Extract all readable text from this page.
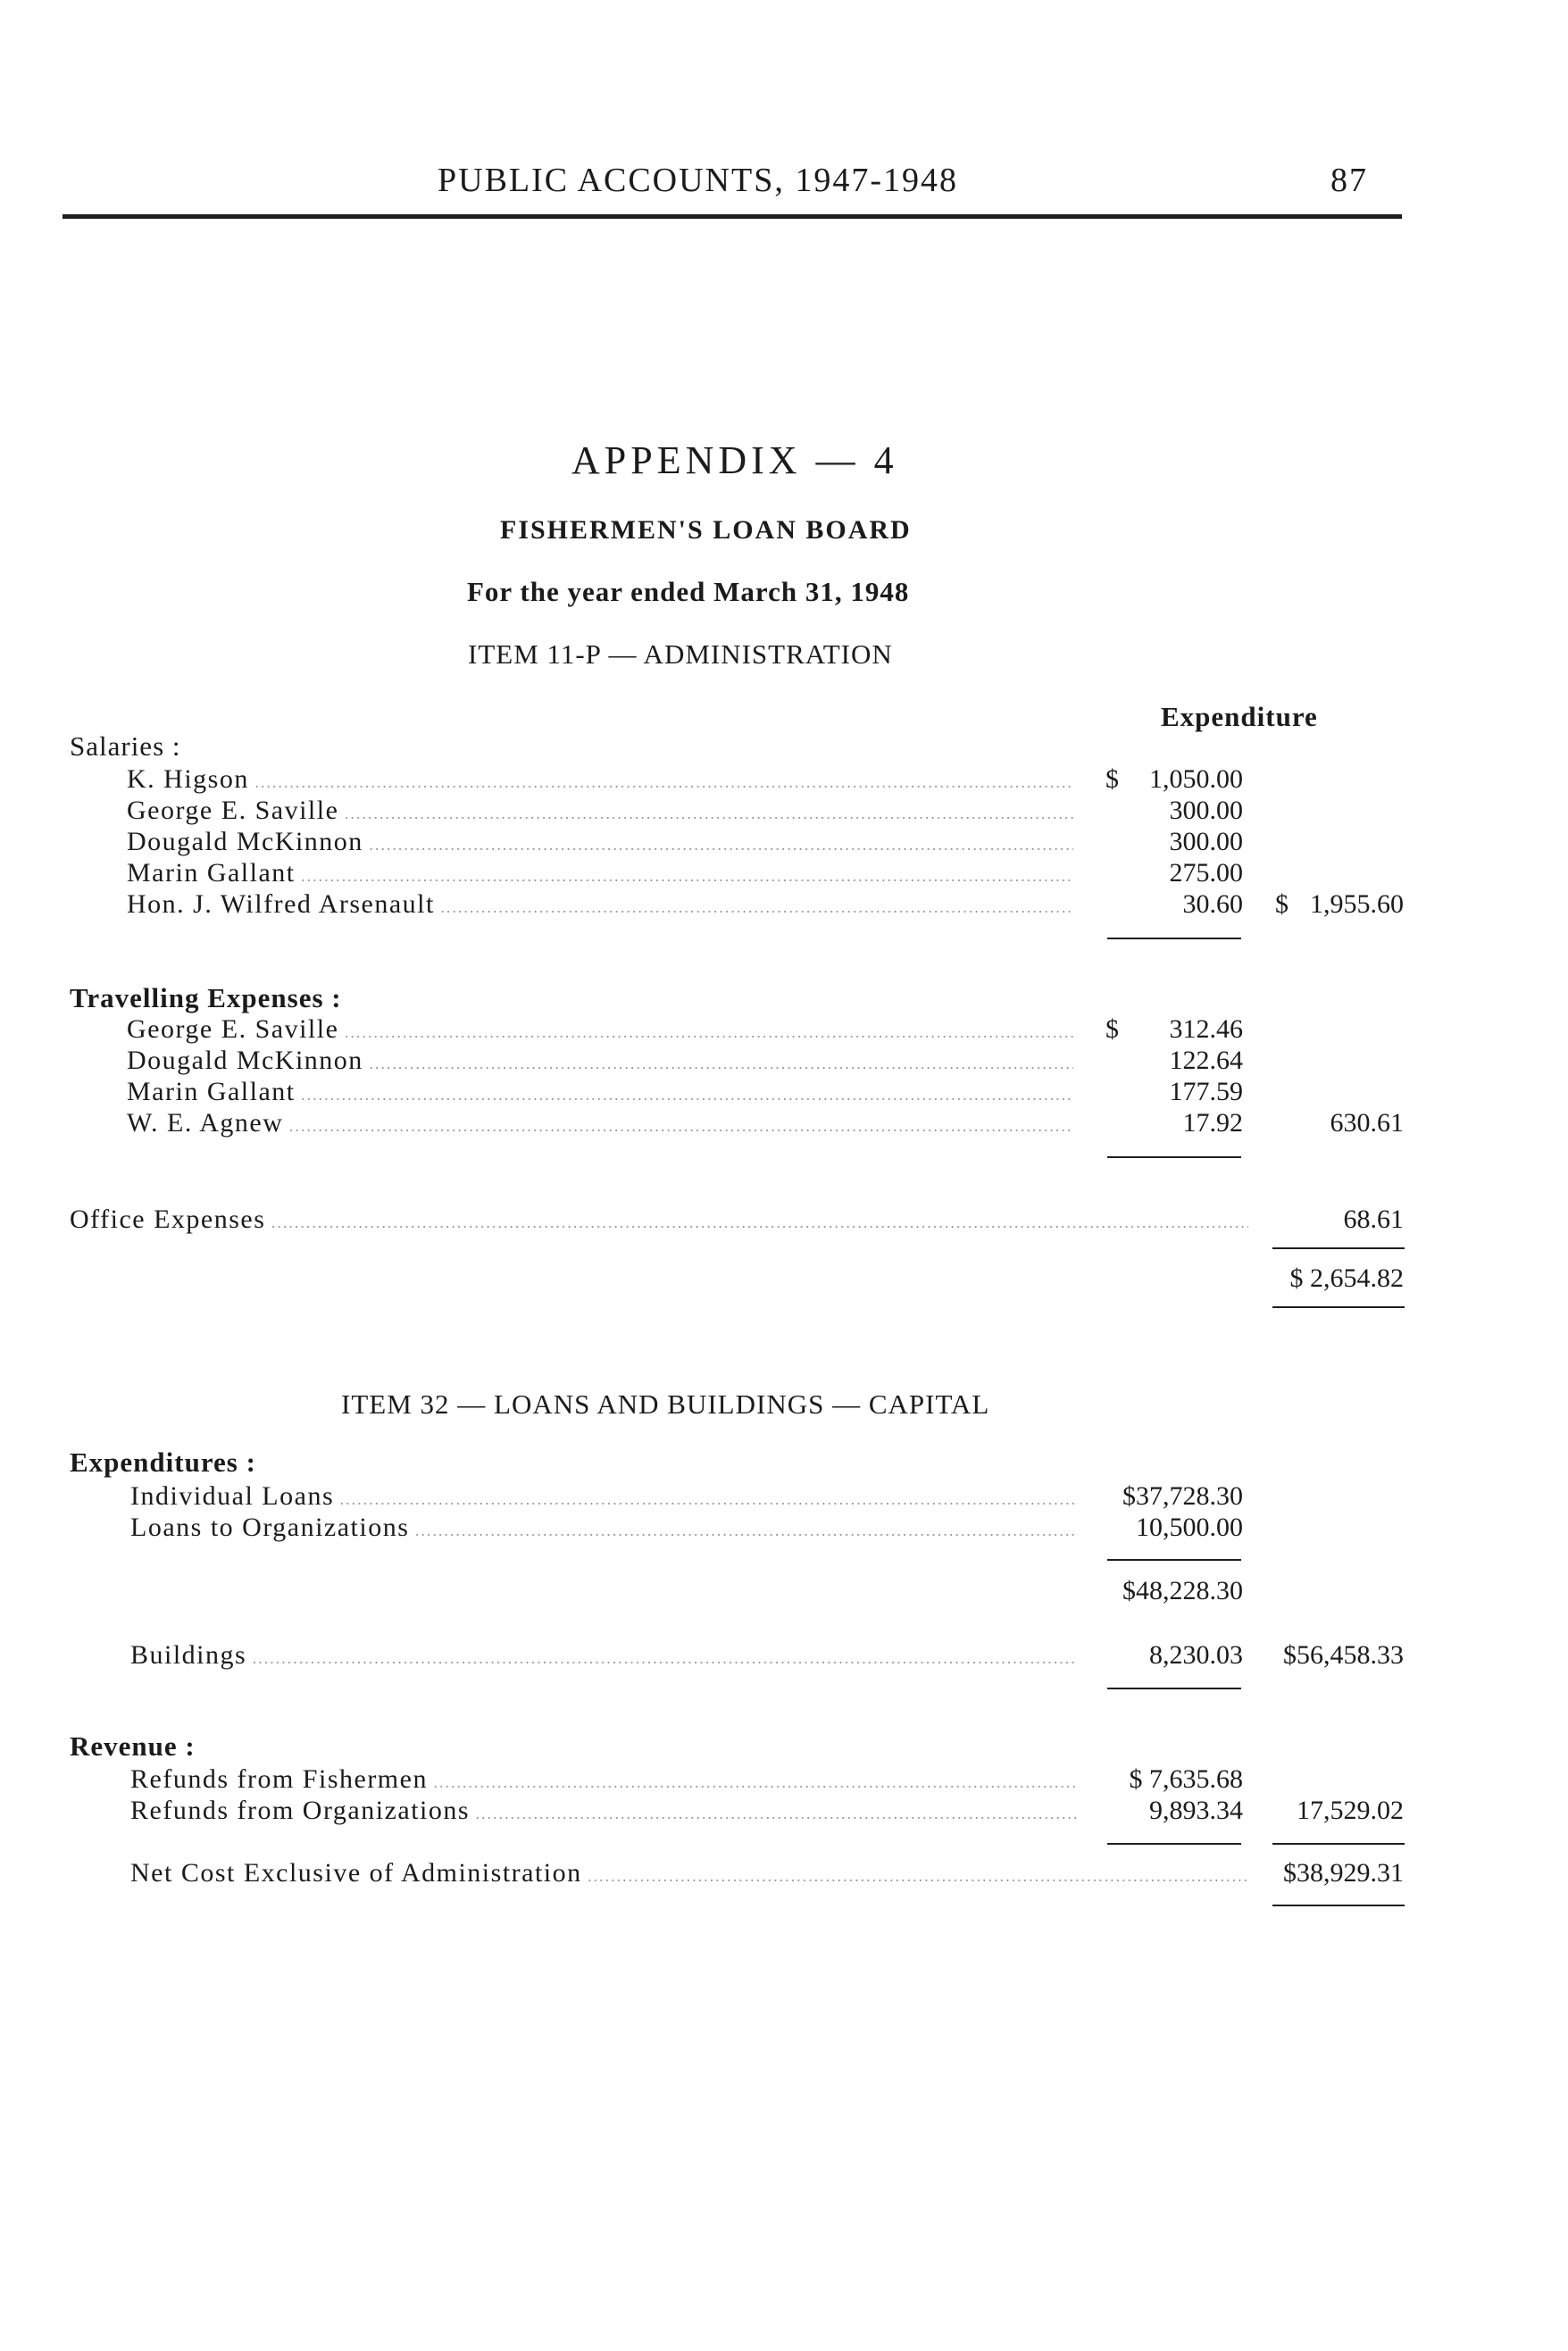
PUBLIC ACCOUNTS, 1947-1948	87
APPENDIX — 4
FISHERMEN'S LOAN BOARD
For the year ended March 31, 1948
ITEM 11-P — ADMINISTRATION
Expenditure
Salaries :
K. Higson .....	$	1,050.00
George E. Saville .....	300.00
Dougald McKinnon .....	300.00
Marin Gallant .....	275.00
Hon. J. Wilfred Arsenault .....	30.60 $ 1,955.60
Travelling Expenses :
George E. Saville .....	$	312.46
Dougald McKinnon .....	122.64
Marin Gallant .....	177.59
W. E. Agnew .....	17.92	630.61
Office Expenses .....	68.61
$ 2,654.82
ITEM 32 — LOANS AND BUILDINGS — CAPITAL
Expenditures :
Individual Loans .....	$37,728.30
Loans to Organizations .....	10,500.00
$48,228.30
Buildings .....	8,230.03	$56,458.33
Revenue :
Refunds from Fishermen .....	$ 7,635.68
Refunds from Organizations .....	9,893.34	17,529.02
Net Cost Exclusive of Administration .....	$38,929.31
